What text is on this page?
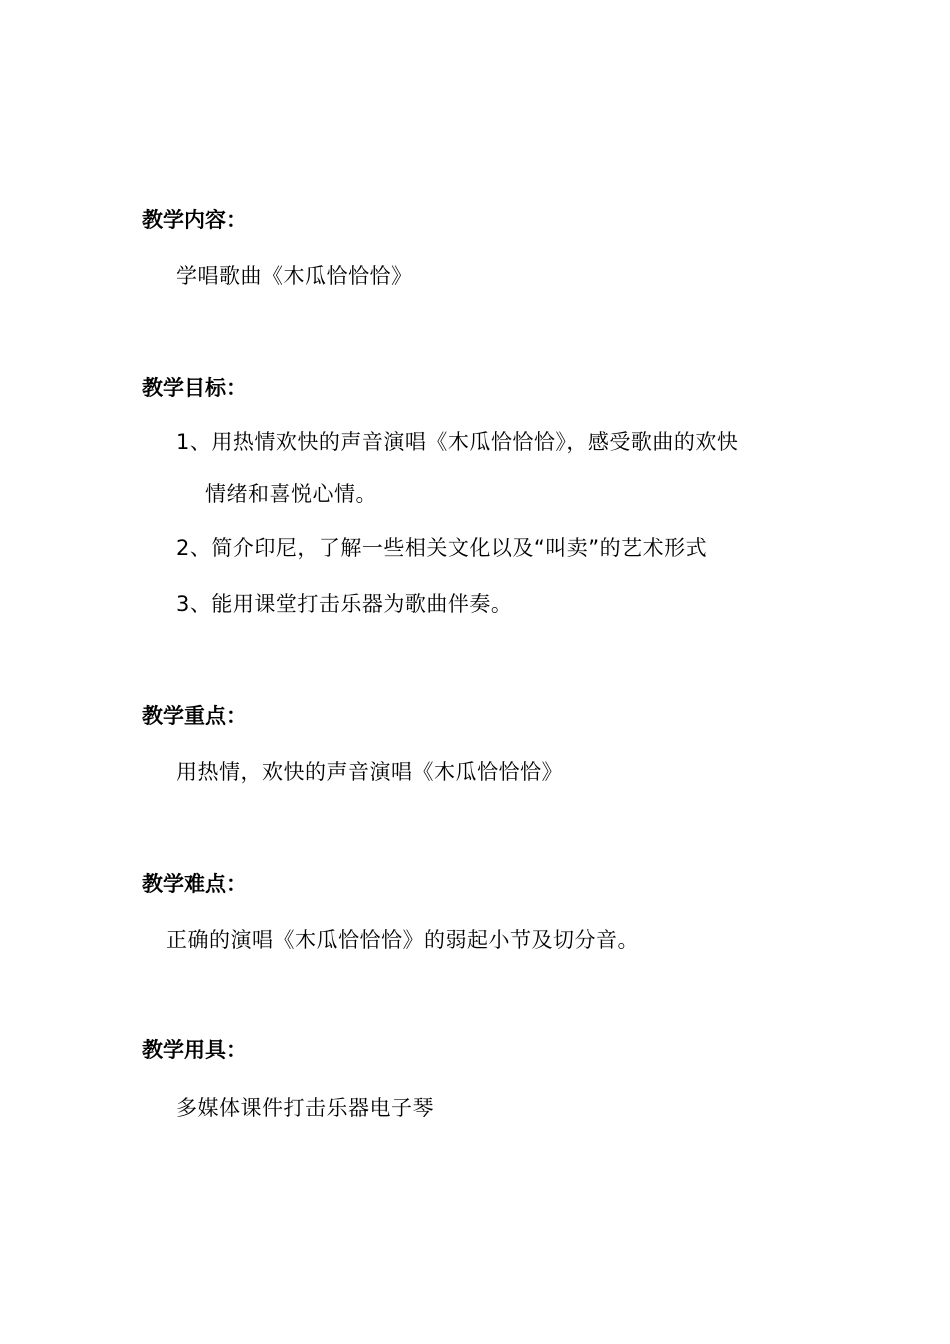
教学内容：
学唱歌曲《木瓜恰恰恰》
教学目标：
1、用热情欢快的声音演唱《木瓜恰恰恰》，感受歌曲的欢快
情绪和喜悦心情。
2、简介印尼，了解一些相关文化以及“叫卖”的艺术形式
3、能用课堂打击乐器为歌曲伴奏。
教学重点：
用热情，欢快的声音演唱《木瓜恰恰恰》
教学难点：
正确的演唱《木瓜恰恰恰》的弱起小节及切分音。
教学用具：
多媒体课件打击乐器电子琴
